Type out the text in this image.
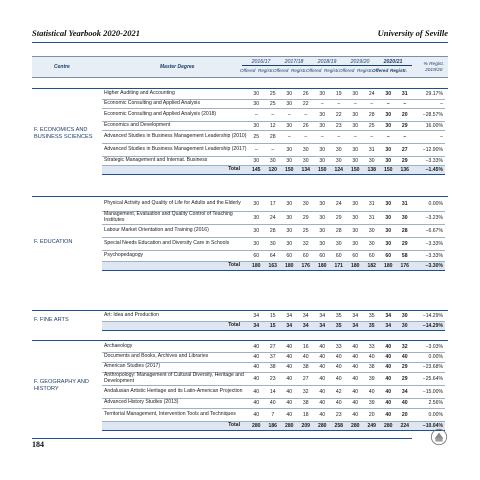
Statistical Yearbook 2020-2021	University of Seville
Centre	Master Degree
2016/17	2017/18	2018/19	2019/20	2020/21
Offered Registr. Offered Registr. Offered Registr. Offered Registr. Offered Registr.
% Regist.
2019/20
F. ECONOMICS AND BUSINESS SCIENCES
Higher Auditing and Accounting	30	25	30	26	30	19	30	24	30	31	29.17%
Economic Consulting and Applied Analysis	30	25	30	22	–	–	–	–	–	–	–
Economic Consulting and Applied Analysis (2018)	–	–	–	–	30	22	30	28	30	20	−28.57%
Economics and Development	30	12	30	26	30	23	30	25	30	29	16.00%
Advanced Studies in Business Management Leadership (2010)	25	28	–	–	–	–	–	–	–	–	–
Advanced Studies in Business Management Leadership (2017)	–	–	30	30	30	30	30	31	30	27	−12.90%
Strategic Management and Internat. Business	30	30	30	30	30	30	30	30	30	29	−3.33%
Total	145	120	150	134	150	124	150	138	150	136	−1.45%
F. EDUCATION
Physical Activity and Quality of Life for Adults and the Elderly	30	17	30	30	30	24	30	31	30	31	0.00%
Management, Evaluation and Quality Control of Teaching Institutes	30	24	30	29	30	29	30	31	30	30	−3.23%
Labour Market Orientation and Training (2016)	30	28	30	25	30	28	30	30	30	28	−6.67%
Special Needs Education and Diversity Care in Schools	30	30	30	32	30	30	30	30	30	29	−3.33%
Psychopedagogy	60	64	60	60	60	60	60	60	60	58	−3.33%
Total	180	163	180	176	180	171	180	182	180	176	−3.30%
F. FINE ARTS
Art: Idea and Production	34	15	34	34	34	35	34	35	34	30	−14.29%
Total	34	15	34	34	34	35	34	35	34	30	−14.29%
F. GEOGRAPHY AND HISTORY
Archaeology	40	27	40	16	40	33	40	33	40	32	−3.03%
Documents and Books, Archives and Libraries	40	37	40	40	40	40	40	40	40	40	0.00%
American Studies (2017)	40	38	40	38	40	40	40	38	40	29	−23.68%
Anthropology: Management of Cultural Diversity, Heritage and Development	40	23	40	27	40	40	40	39	40	29	−25.64%
Andalusian Artistic Heritage and its Latin-American Projection	40	14	40	32	40	42	40	40	40	34	−15.00%
Advanced History Studies (2013)	40	40	40	38	40	40	40	39	40	40	2.56%
Territorial Management, Intervention Tools and Techniques	40	7	40	18	40	23	40	20	40	20	0.00%
Total	280	186	280	209	280	258	280	249	280	224	−10.04%
184
